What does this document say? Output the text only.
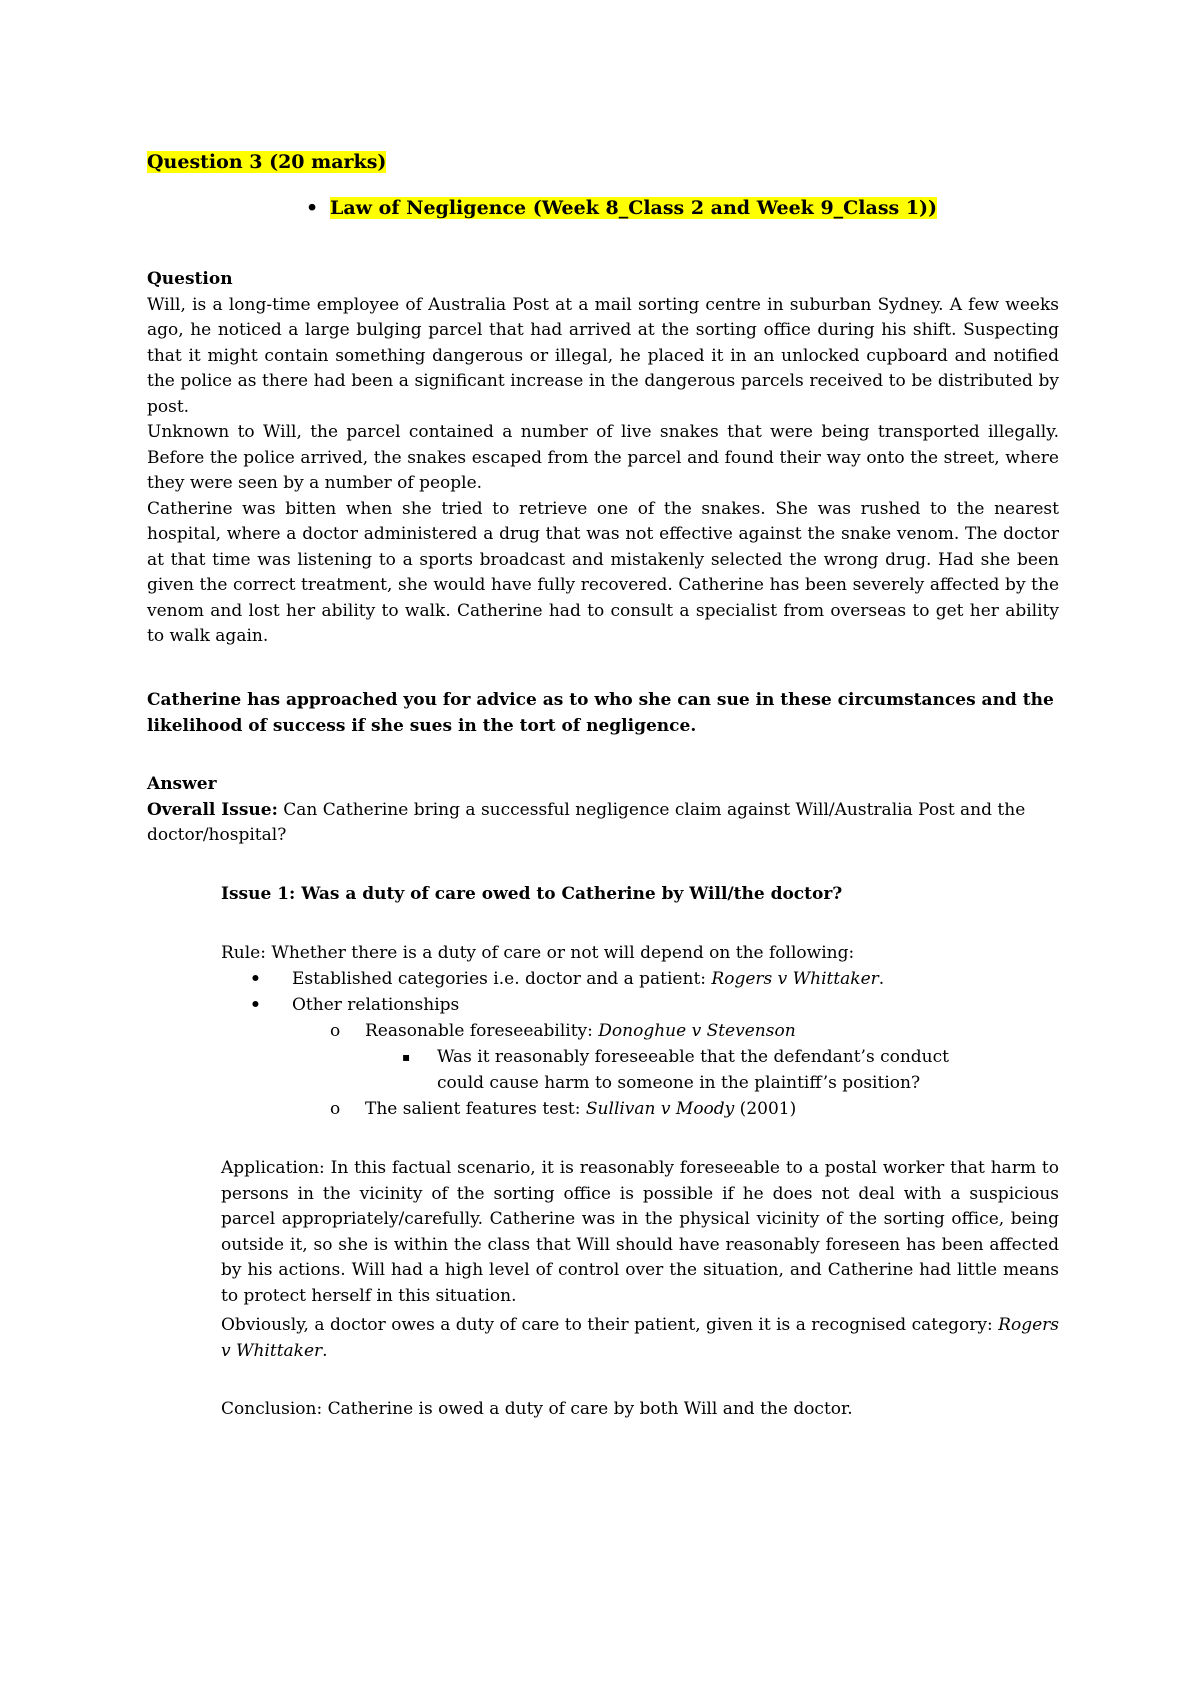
Question 3 (20 marks)
• Law of Negligence (Week 8_Class 2 and Week 9_Class 1))

Question

Will, is a long-time employee of Australia Post at a mail sorting centre in suburban Sydney. A few weeks ago, he noticed a large bulging parcel that had arrived at the sorting office during his shift. Suspecting that it might contain something dangerous or illegal, he placed it in an unlocked cupboard and notified the police as there had been a significant increase in the dangerous parcels received to be distributed by post.

Unknown to Will, the parcel contained a number of live snakes that were being transported illegally. Before the police arrived, the snakes escaped from the parcel and found their way onto the street, where they were seen by a number of people.

Catherine was bitten when she tried to retrieve one of the snakes. She was rushed to the nearest hospital, where a doctor administered a drug that was not effective against the snake venom. The doctor at that time was listening to a sports broadcast and mistakenly selected the wrong drug. Had she been given the correct treatment, she would have fully recovered. Catherine has been severely affected by the venom and lost her ability to walk. Catherine had to consult a specialist from overseas to get her ability to walk again.

Catherine has approached you for advice as to who she can sue in these circumstances and the likelihood of success if she sues in the tort of negligence.

Answer

Overall Issue: Can Catherine bring a successful negligence claim against Will/Australia Post and the doctor/hospital?

Issue 1: Was a duty of care owed to Catherine by Will/the doctor?

Rule: Whether there is a duty of care or not will depend on the following:

• Established categories i.e. doctor and a patient: Rogers v Whittaker.
• Other relationships
o Reasonable foreseeability: Donoghue v Stevenson
▪ Was it reasonably foreseeable that the defendant’s conduct could cause harm to someone in the plaintiff’s position?
o The salient features test: Sullivan v Moody (2001)

Application: In this factual scenario, it is reasonably foreseeable to a postal worker that harm to persons in the vicinity of the sorting office is possible if he does not deal with a suspicious parcel appropriately/carefully. Catherine was in the physical vicinity of the sorting office, being outside it, so she is within the class that Will should have reasonably foreseen has been affected by his actions. Will had a high level of control over the situation, and Catherine had little means to protect herself in this situation.

Obviously, a doctor owes a duty of care to their patient, given it is a recognised category: Rogers v Whittaker.

Conclusion: Catherine is owed a duty of care by both Will and the doctor.
